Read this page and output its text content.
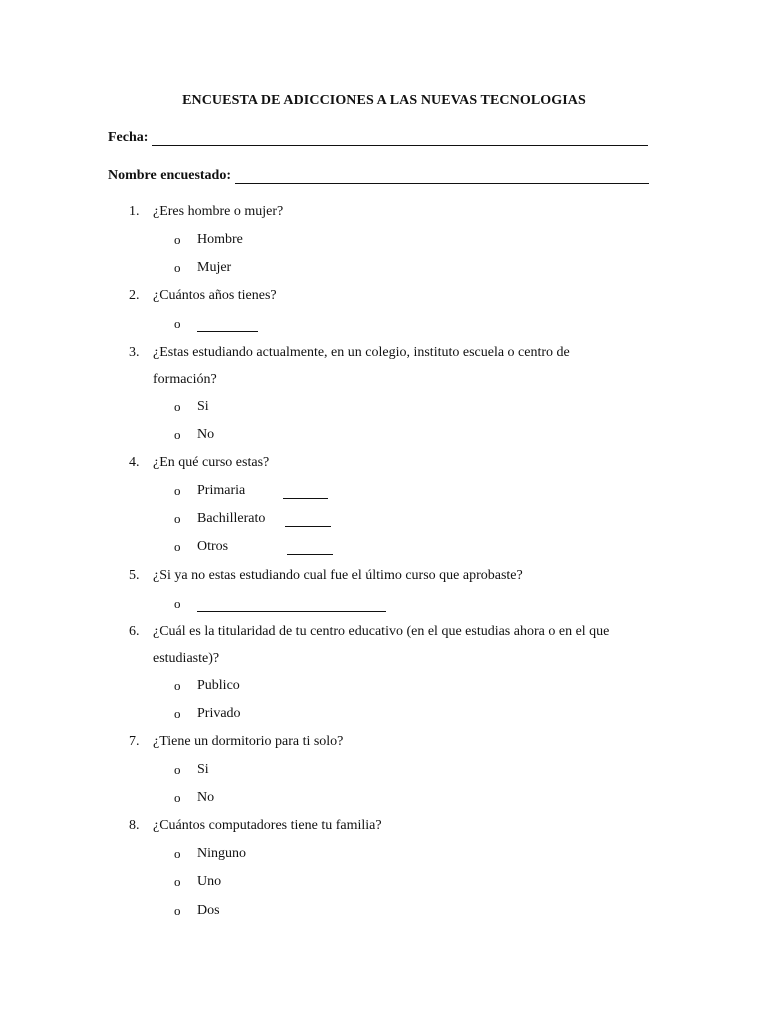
ENCUESTA DE ADICCIONES A LAS NUEVAS TECNOLOGIAS
Fecha:
Nombre encuestado:
1. ¿Eres hombre o mujer?
o Hombre
o Mujer
2. ¿Cuántos años tienes?
o
3. ¿Estas estudiando actualmente, en un colegio, instituto escuela o centro de
formación?
o Si
o No
4. ¿En qué curso estas?
o Primaria
o Bachillerato
o Otros
5. ¿Si ya no estas estudiando cual fue el último curso que aprobaste?
o
6. ¿Cuál es la titularidad de tu centro educativo (en el que estudias ahora o en el que
estudiaste)?
o Publico
o Privado
7. ¿Tiene un dormitorio para ti solo?
o Si
o No
8. ¿Cuántos computadores tiene tu familia?
o Ninguno
o Uno
o Dos
